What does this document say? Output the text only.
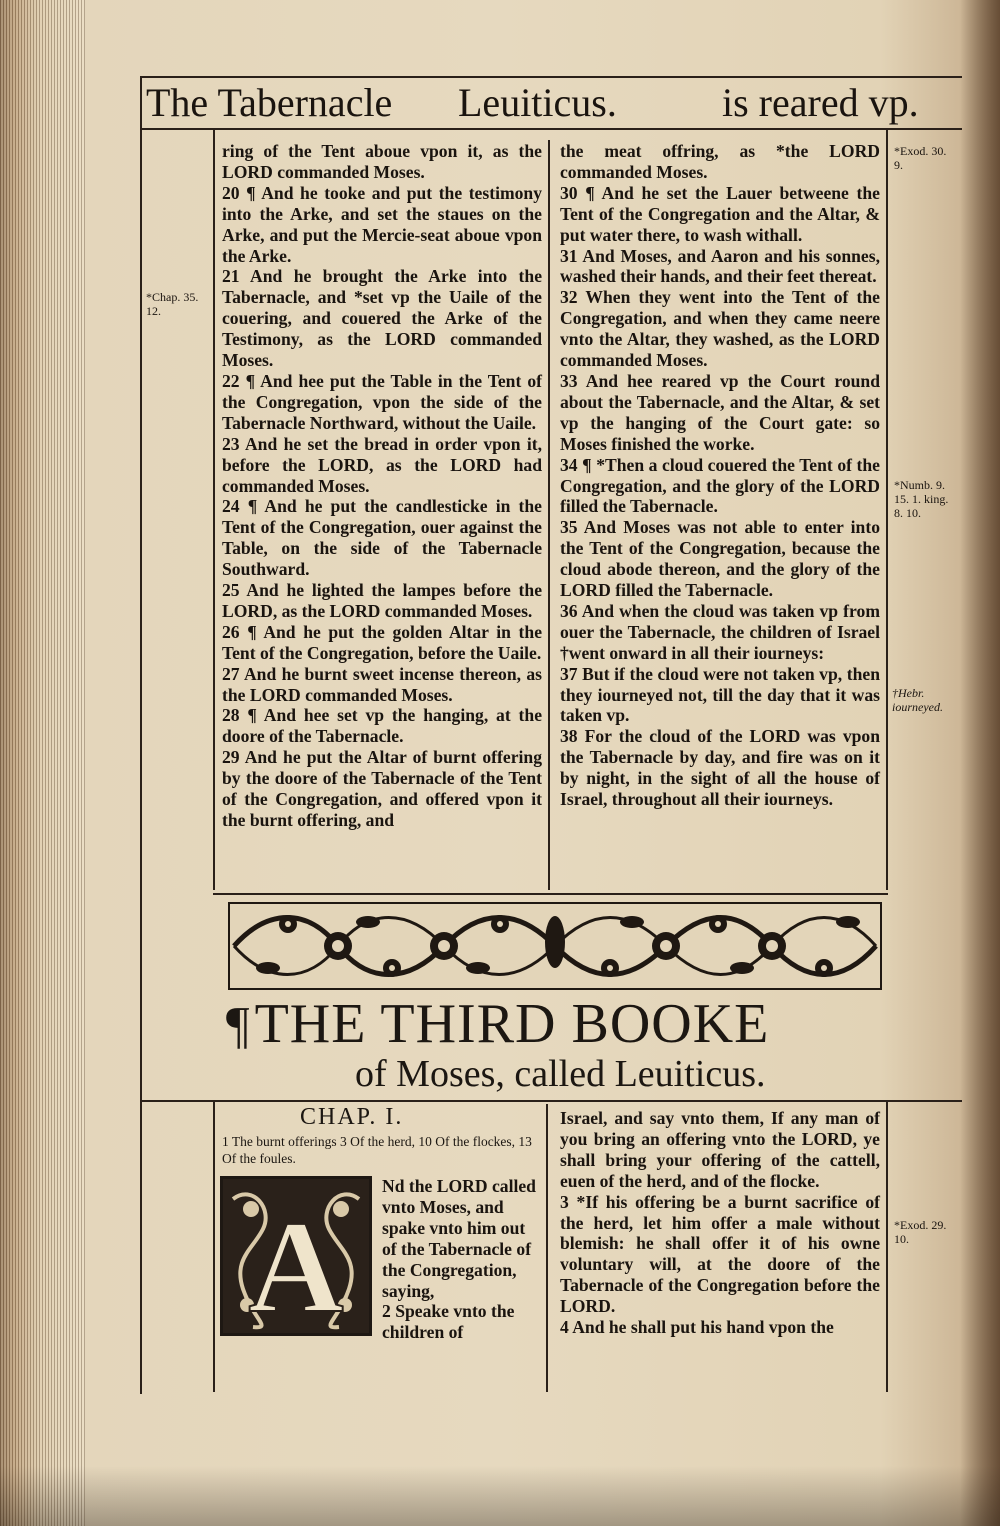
The Tabernacle Leuiticus.	is reared vp.

ring of the Tent aboue vpon it, as the LORD commanded Moses.

20 ¶ And he tooke and put the testimony into the Arke, and set the staues on the Arke, and put the Mercie-seat aboue vpon the Arke.

21 And he brought the Arke into the Tabernacle, and *set vp the Uaile of the couering, and couered the Arke of the Testimony, as the LORD commanded Moses.

22 ¶ And hee put the Table in the Tent of the Congregation, vpon the side of the Tabernacle Northward, without the Uaile.

23 And he set the bread in order vpon it, before the LORD, as the LORD had commanded Moses.

24 ¶ And he put the candlesticke in the Tent of the Congregation, ouer against the Table, on the side of the Tabernacle Southward.

25 And he lighted the lampes before the LORD, as the LORD commanded Moses.

26 ¶ And he put the golden Altar in the Tent of the Congregation, before the Uaile.

27 And he burnt sweet incense thereon, as the LORD commanded Moses.

28 ¶ And hee set vp the hanging, at the doore of the Tabernacle.

29 And he put the Altar of burnt offering by the doore of the Tabernacle of the Tent of the Congregation, and offered vpon it the burnt offering, and

the meat offring, as *the LORD commanded Moses.

30 ¶ And he set the Lauer betweene the Tent of the Congregation and the Altar, & put water there, to wash withall.

31 And Moses, and Aaron and his sonnes, washed their hands, and their feet thereat.

32 When they went into the Tent of the Congregation, and when they came neere vnto the Altar, they washed, as the LORD commanded Moses.

33 And hee reared vp the Court round about the Tabernacle, and the Altar, & set vp the hanging of the Court gate: so Moses finished the worke.

34 ¶ *Then a cloud couered the Tent of the Congregation, and the glory of the LORD filled the Tabernacle.

35 And Moses was not able to enter into the Tent of the Congregation, because the cloud abode thereon, and the glory of the LORD filled the Tabernacle.

36 And when the cloud was taken vp from ouer the Tabernacle, the children of Israel †went onward in all their iourneys:

37 But if the cloud were not taken vp, then they iourneyed not, till the day that it was taken vp.

38 For the cloud of the LORD was vpon the Tabernacle by day, and fire was on it by night, in the sight of all the house of Israel, throughout all their iourneys.

*Chap. 35. 12.
*Exod. 30. 9.
*Numb. 9. 15. 1. king. 8. 10.
†Hebr. iourneyed.
*Exod. 29. 10.
¶THE THIRD BOOKE
of Moses, called Leuiticus.
CHAP. I.
1 The burnt offerings 3 Of the herd, 10 Of the flockes, 13 Of the foules.
A

Nd the LORD called vnto Moses, and spake vnto him out of the Tabernacle of the Congregation, saying,

2 Speake vnto the children of

Israel, and say vnto them, If any man of you bring an offering vnto the LORD, ye shall bring your offering of the cattell, euen of the herd, and of the flocke.

3 *If his offering be a burnt sacrifice of the herd, let him offer a male without blemish: he shall offer it of his owne voluntary will, at the doore of the Tabernacle of the Congregation before the LORD.

4 And he shall put his hand vpon the
